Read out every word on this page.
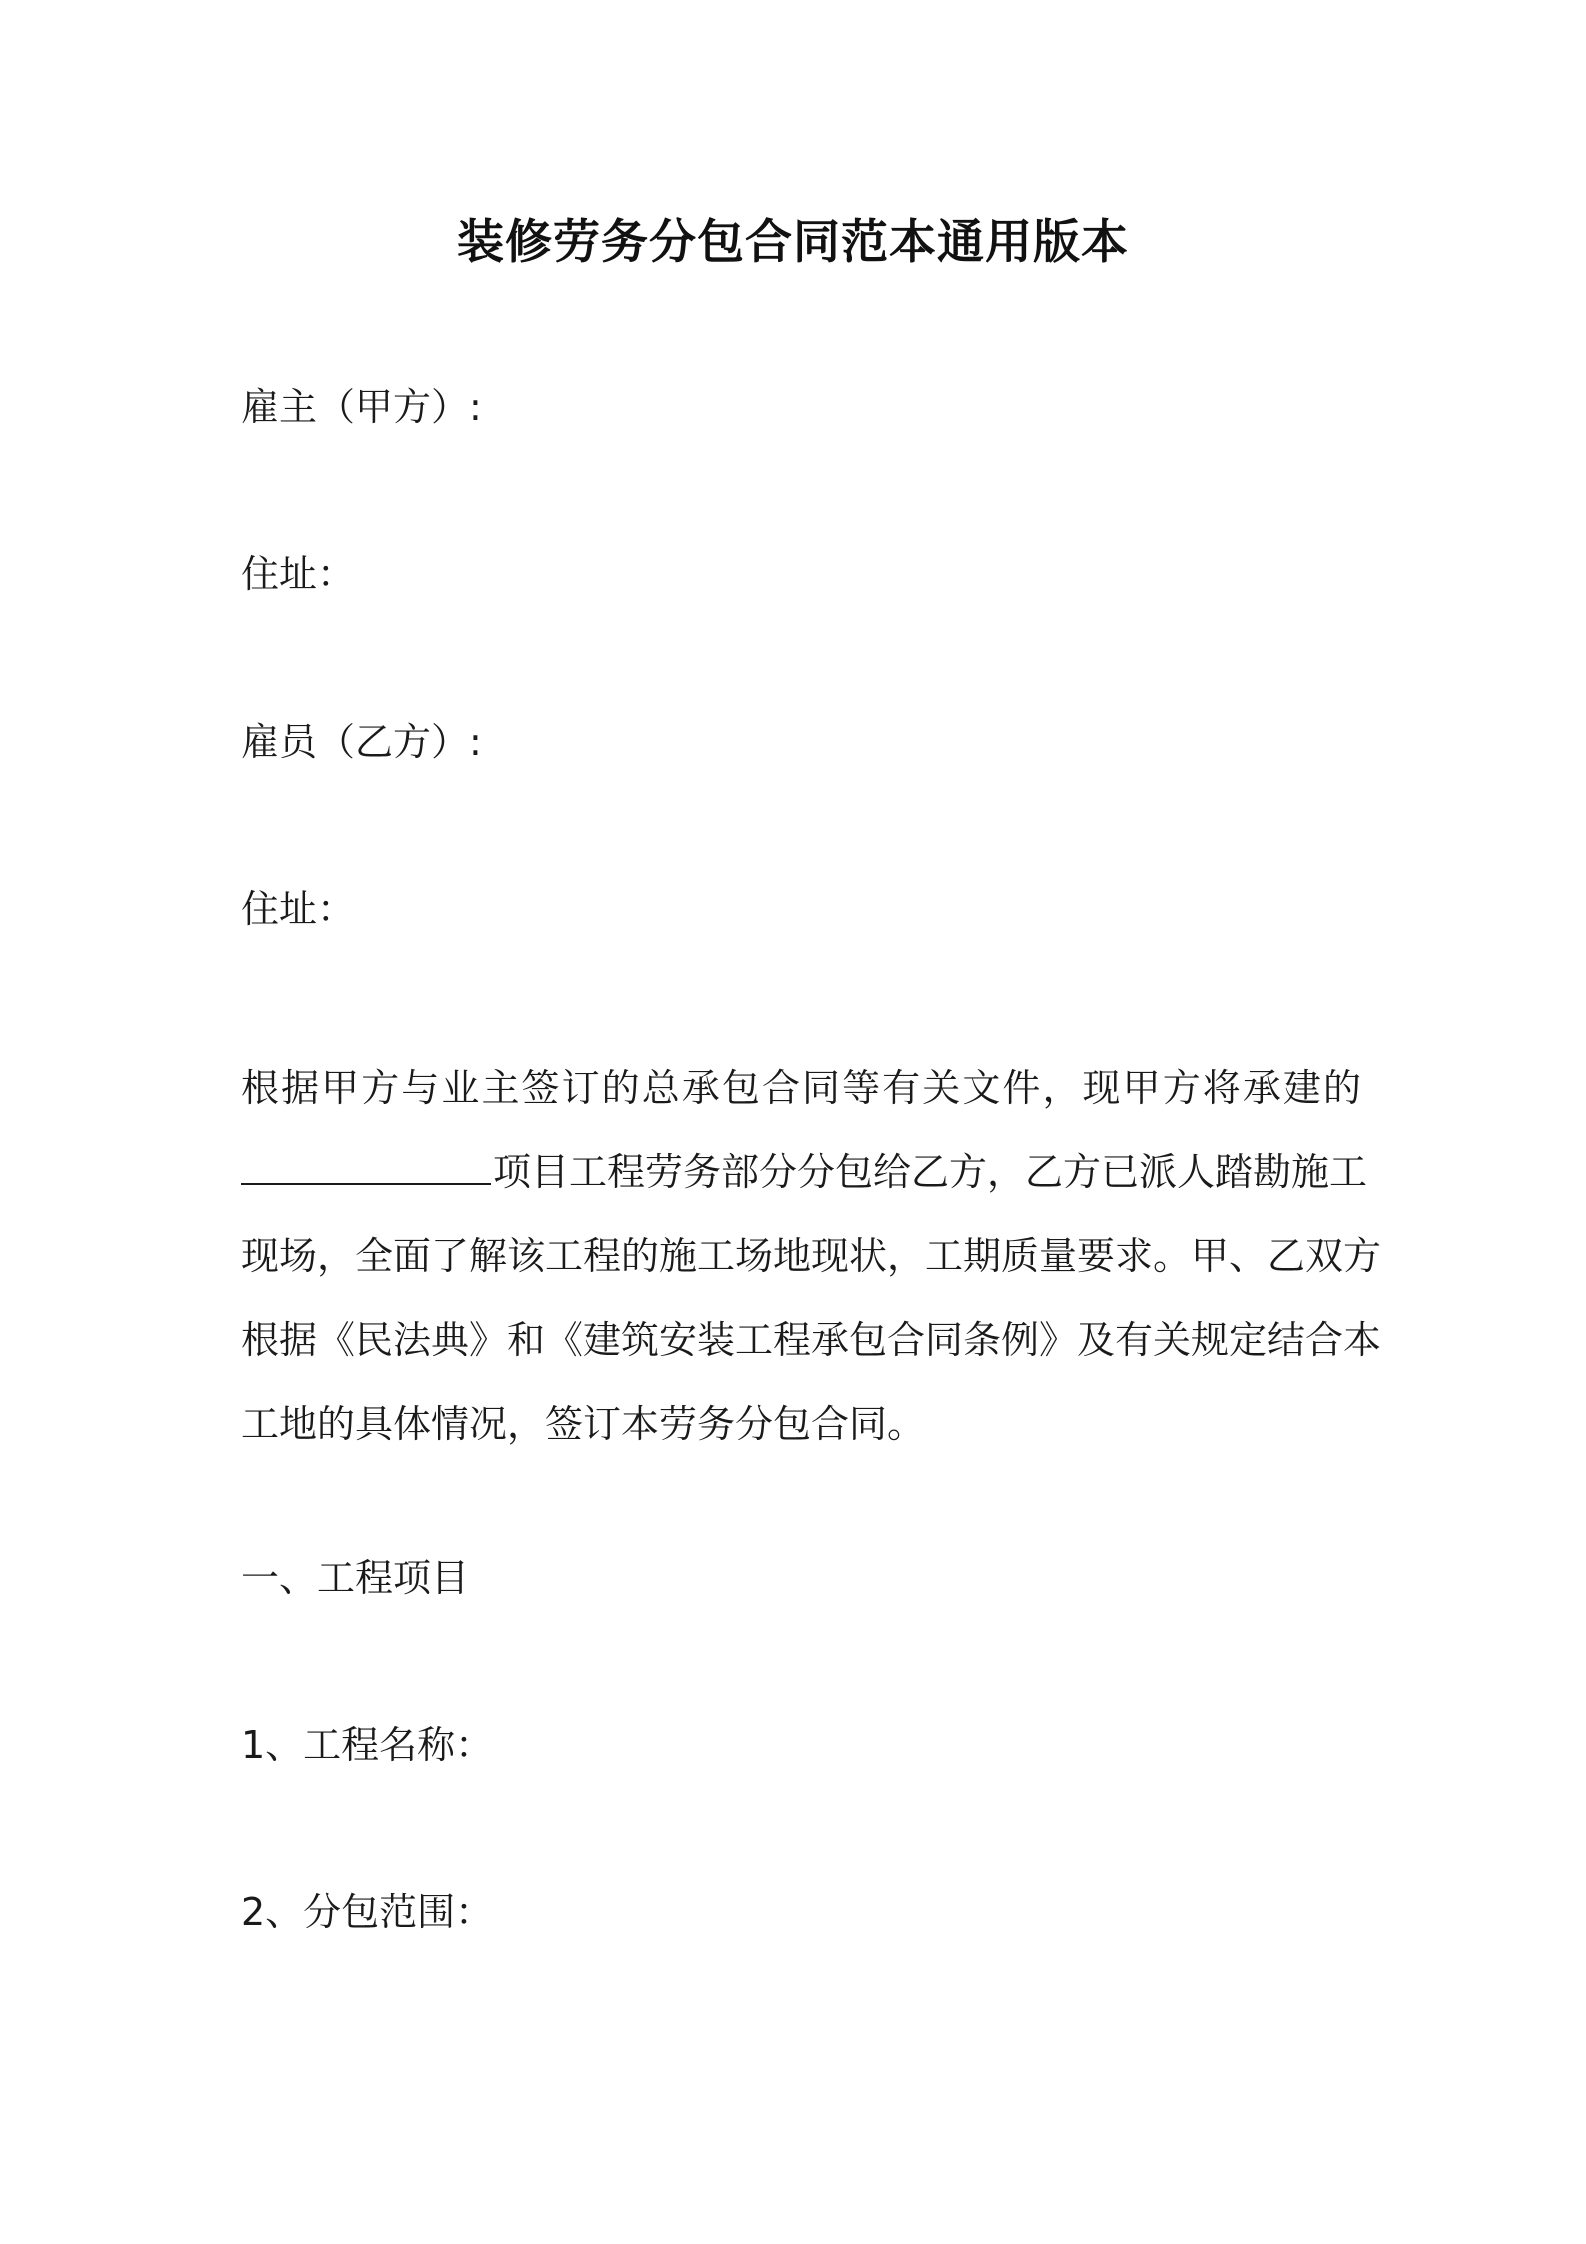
装修劳务分包合同范本通用版本
雇主（甲方）:
住址：
雇员（乙方）:
住址：
根据甲方与业主签订的总承包合同等有关文件，现甲方将承建的
项目工程劳务部分分包给乙方，乙方已派人踏勘施工
现场，全面了解该工程的施工场地现状，工期质量要求。甲、乙双方
根据《民法典》和《建筑安装工程承包合同条例》及有关规定结合本
工地的具体情况，签订本劳务分包合同。
一、工程项目
1、工程名称：
2、分包范围：
